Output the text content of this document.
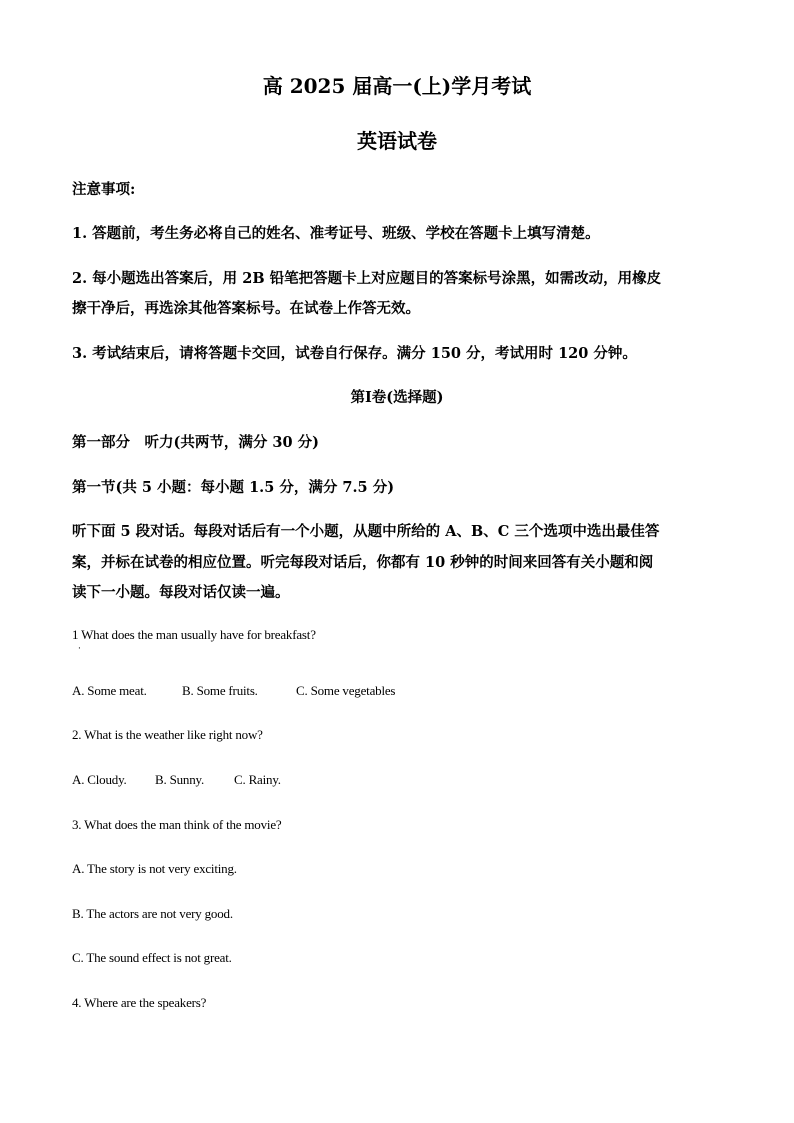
高 2025 届高一(上)学月考试
英语试卷
注意事项:
1. 答题前，考生务必将自己的姓名、准考证号、班级、学校在答题卡上填写清楚。
2. 每小题选出答案后，用 2B 铅笔把答题卡上对应题目的答案标号涂黑，如需改动，用橡皮
擦干净后，再选涂其他答案标号。在试卷上作答无效。
3. 考试结束后，请将答题卡交回，试卷自行保存。满分 150 分，考试用时 120 分钟。
第Ⅰ卷(选择题)
第一部分　听力(共两节，满分 30 分)
第一节(共 5 小题：每小题 1.5 分，满分 7.5 分)
听下面 5 段对话。每段对话后有一个小题，从题中所给的 A、B、C 三个选项中选出最佳答
案，并标在试卷的相应位置。听完每段对话后，你都有 10 秒钟的时间来回答有关小题和阅
读下一小题。每段对话仅读一遍。
1 What does the man usually have for breakfast?
·
A. Some meat.	B. Some fruits.	C. Some vegetables
2. What is the weather like right now?
A. Cloudy. B. Sunny. C. Rainy.
3. What does the man think of the movie?
A. The story is not very exciting.
B. The actors are not very good.
C. The sound effect is not great.
4. Where are the speakers?
